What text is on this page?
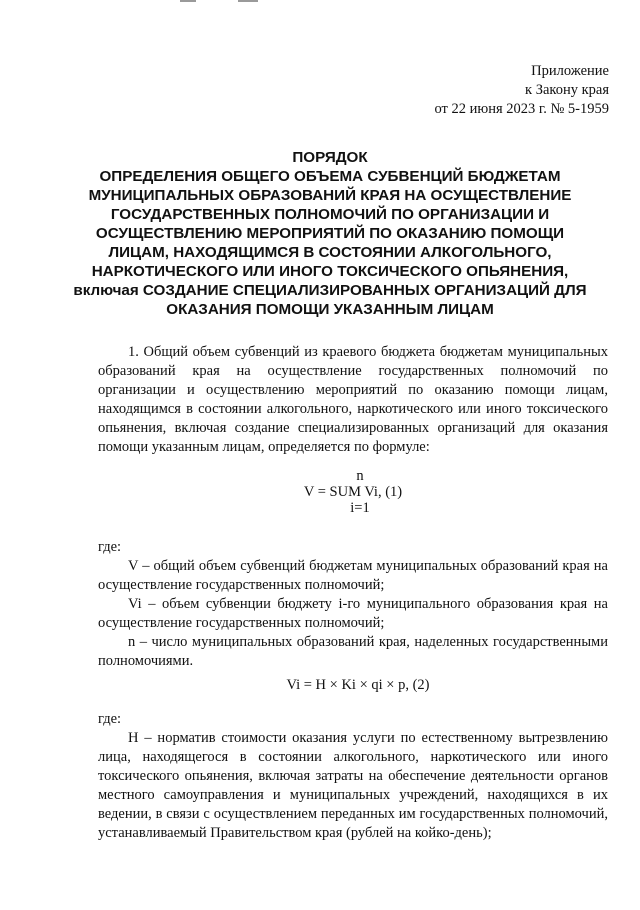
Приложение
к Закону края
от 22 июня 2023 г. № 5-1959
ПОРЯДОК
ОПРЕДЕЛЕНИЯ ОБЩЕГО ОБЪЕМА СУБВЕНЦИЙ БЮДЖЕТАМ
МУНИЦИПАЛЬНЫХ ОБРАЗОВАНИЙ КРАЯ НА ОСУЩЕСТВЛЕНИЕ
ГОСУДАРСТВЕННЫХ ПОЛНОМОЧИЙ ПО ОРГАНИЗАЦИИ И
ОСУЩЕСТВЛЕНИЮ МЕРОПРИЯТИЙ ПО ОКАЗАНИЮ ПОМОЩИ
ЛИЦАМ, НАХОДЯЩИМСЯ В СОСТОЯНИИ АЛКОГОЛЬНОГО,
НАРКОТИЧЕСКОГО ИЛИ ИНОГО ТОКСИЧЕСКОГО ОПЬЯНЕНИЯ,
включая СОЗДАНИЕ СПЕЦИАЛИЗИРОВАННЫХ ОРГАНИЗАЦИЙ ДЛЯ
ОКАЗАНИЯ ПОМОЩИ УКАЗАННЫМ ЛИЦАМ

1. Общий объем субвенций из краевого бюджета бюджетам муниципальных образований края на осуществление государственных полномочий по организации и осуществлению мероприятий по оказанию помощи лицам, находящимся в состоянии алкогольного, наркотического или иного токсического опьянения, включая создание специализированных организаций для оказания помощи указанным лицам, определяется по формуле:

n
V = SUM Vi, (1)
i=1

где:

V – общий объем субвенций бюджетам муниципальных образований края на осуществление государственных полномочий;

Vi – объем субвенции бюджету i-го муниципального образования края на осуществление государственных полномочий;

n – число муниципальных образований края, наделенных государственными полномочиями.

Vi = H × Ki × qi × p, (2)

где:

H – норматив стоимости оказания услуги по естественному вытрезвлению лица, находящегося в состоянии алкогольного, наркотического или иного токсического опьянения, включая затраты на обеспечение деятельности органов местного самоуправления и муниципальных учреждений, находящихся в их ведении, в связи с осуществлением переданных им государственных полномочий, устанавливаемый Правительством края (рублей на койко-день);
